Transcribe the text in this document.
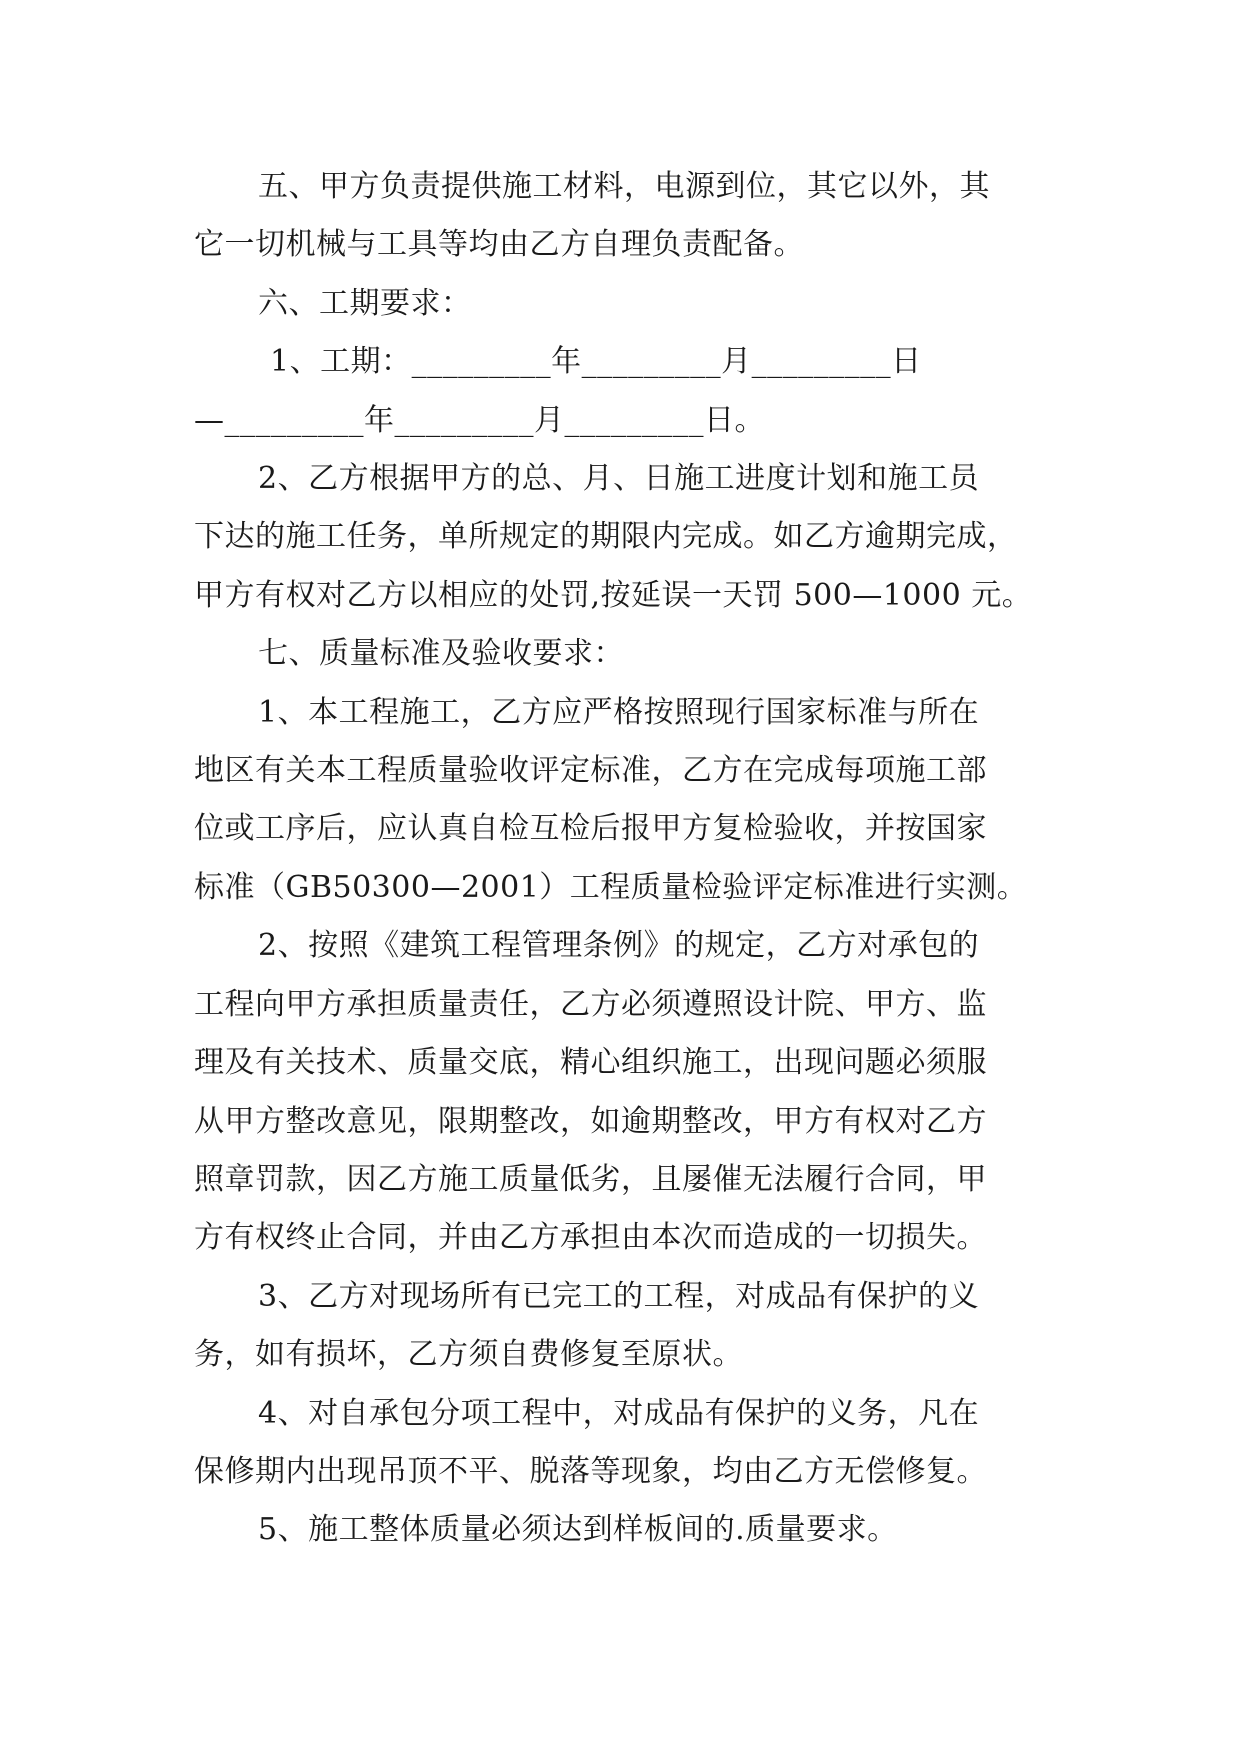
五、甲方负责提供施工材料，电源到位，其它以外，其
它一切机械与工具等均由乙方自理负责配备。
六、工期要求：
1、工期：_________年_________月_________日
—_________年_________月_________日。
2、乙方根据甲方的总、月、日施工进度计划和施工员
下达的施工任务，单所规定的期限内完成。如乙方逾期完成，
甲方有权对乙方以相应的处罚,按延误一天罚 500—1000 元。
七、质量标准及验收要求：
1、本工程施工，乙方应严格按照现行国家标准与所在
地区有关本工程质量验收评定标准，乙方在完成每项施工部
位或工序后，应认真自检互检后报甲方复检验收，并按国家
标准（GB50300—2001）工程质量检验评定标准进行实测。
2、按照《建筑工程管理条例》的规定，乙方对承包的
工程向甲方承担质量责任，乙方必须遵照设计院、甲方、监
理及有关技术、质量交底，精心组织施工，出现问题必须服
从甲方整改意见，限期整改，如逾期整改，甲方有权对乙方
照章罚款，因乙方施工质量低劣，且屡催无法履行合同，甲
方有权终止合同，并由乙方承担由本次而造成的一切损失。
3、乙方对现场所有已完工的工程，对成品有保护的义
务，如有损坏，乙方须自费修复至原状。
4、对自承包分项工程中，对成品有保护的义务，凡在
保修期内出现吊顶不平、脱落等现象，均由乙方无偿修复。
5、施工整体质量必须达到样板间的.质量要求。
